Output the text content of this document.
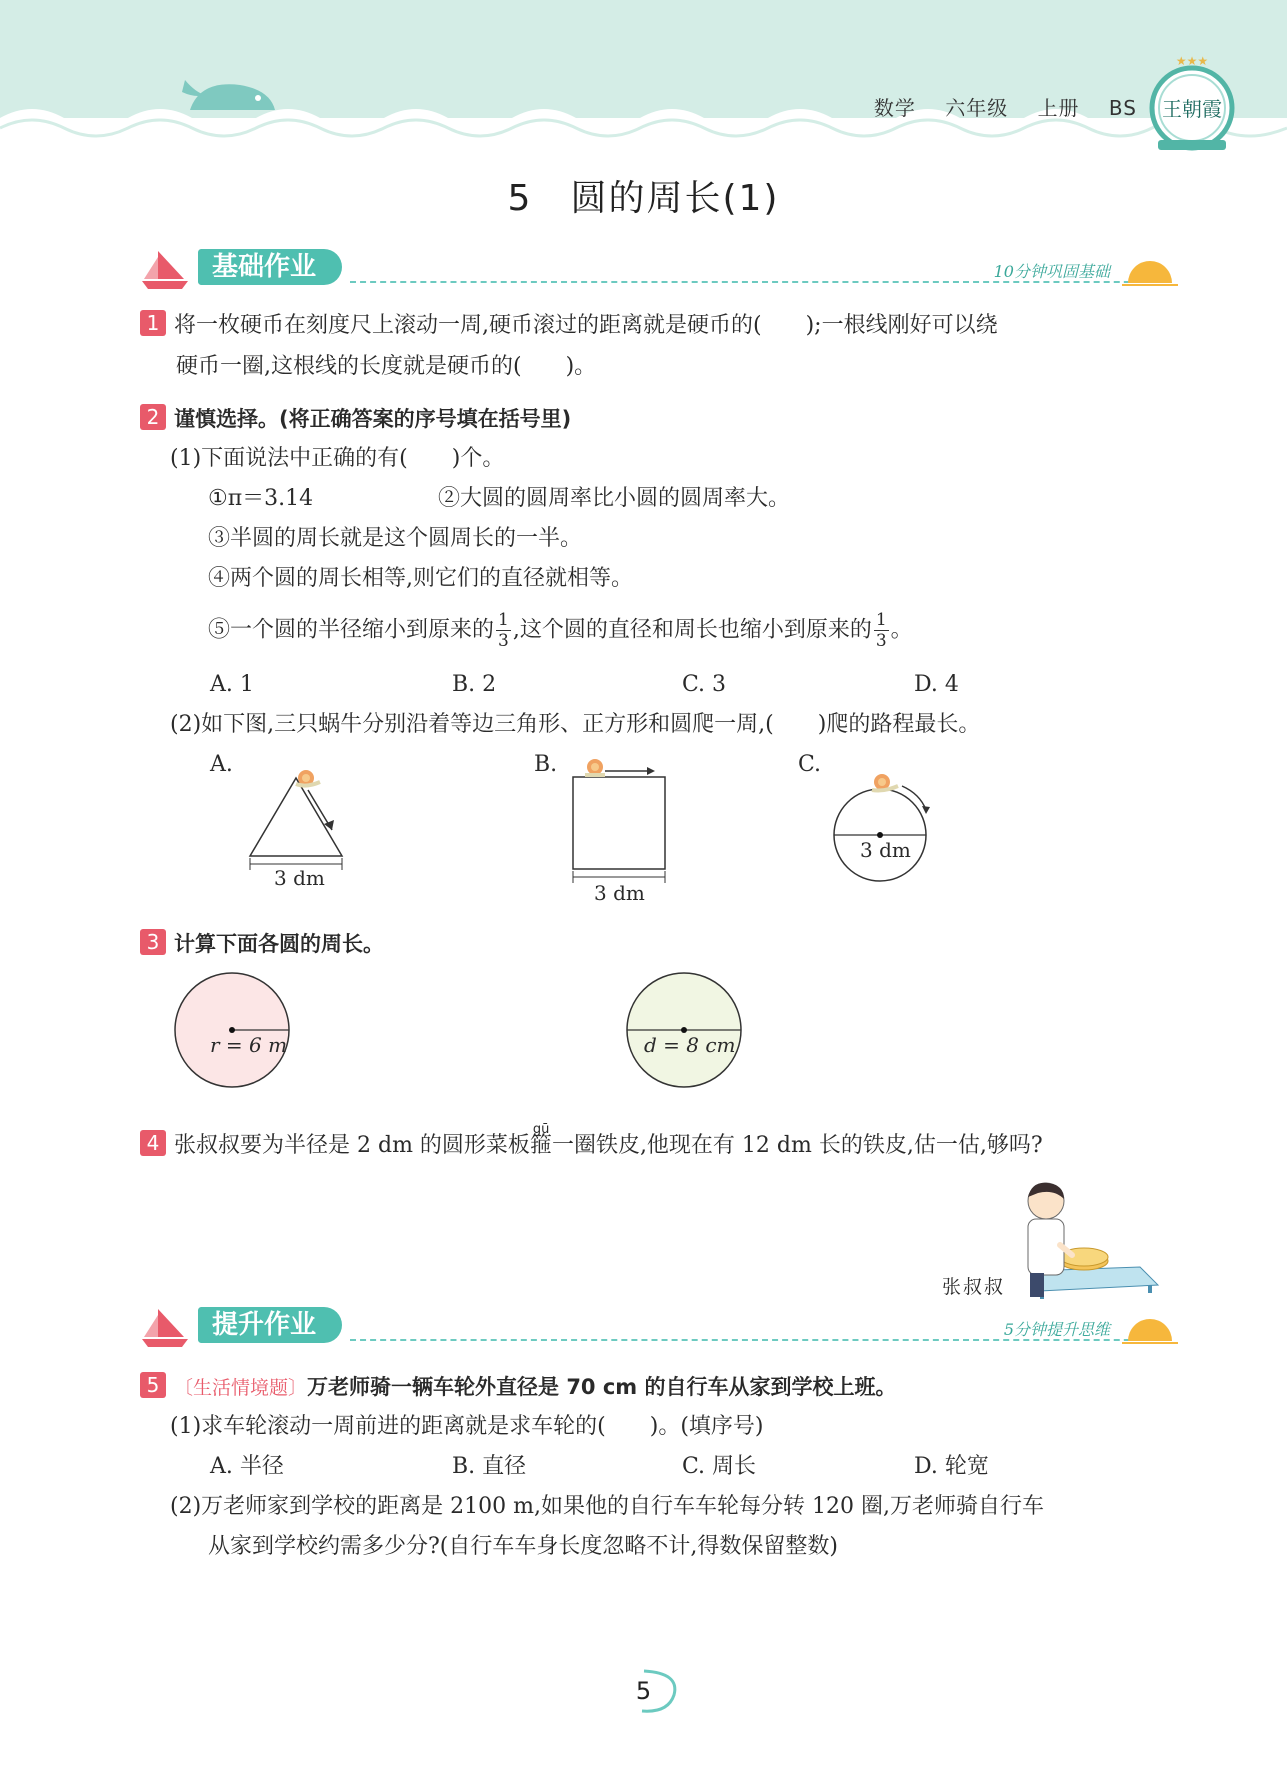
数学 六年级 上册 BS
★★★
王朝霞
5　圆的周长(1)
基础作业	10分钟巩固基础
1 将一枚硬币在刻度尺上滚动一周,硬币滚过的距离就是硬币的(　　);一根线刚好可以绕
硬币一圈,这根线的长度就是硬币的(　　)。
2 谨慎选择。(将正确答案的序号填在括号里)
(1)下面说法中正确的有(　　)个。
①π＝3.14	②大圆的圆周率比小圆的圆周率大。
③半圆的周长就是这个圆周长的一半。
④两个圆的周长相等,则它们的直径就相等。
⑤一个圆的半径缩小到原来的 $\frac{1}{3}$ ,这个圆的直径和周长也缩小到原来的 $\frac{1}{3}$ 。
A. 1	B. 2	C. 3	D. 4
(2)如下图,三只蜗牛分别沿着等边三角形、正方形和圆爬一周,(　　)爬的路程最长。
A.	B.	C.
3 dm
3 dm
3 dm
3 计算下面各圆的周长。
r = 6 m	d = 8 cm
4 张叔叔要为半径是 2 dm 的圆形菜板
gū
箍一圈铁皮,他现在有 12 dm 长的铁皮,估一估,够吗?
张叔叔
提升作业	5分钟提升思维
5 〔生活情境题〕万老师骑一辆车轮外直径是 70 cm 的自行车从家到学校上班。
(1)求车轮滚动一周前进的距离就是求车轮的(　　)。(填序号)
A. 半径	B. 直径	C. 周长	D. 轮宽
(2)万老师家到学校的距离是 2100 m,如果他的自行车车轮每分转 120 圈,万老师骑自行车
从家到学校约需多少分?(自行车车身长度忽略不计,得数保留整数)
5
